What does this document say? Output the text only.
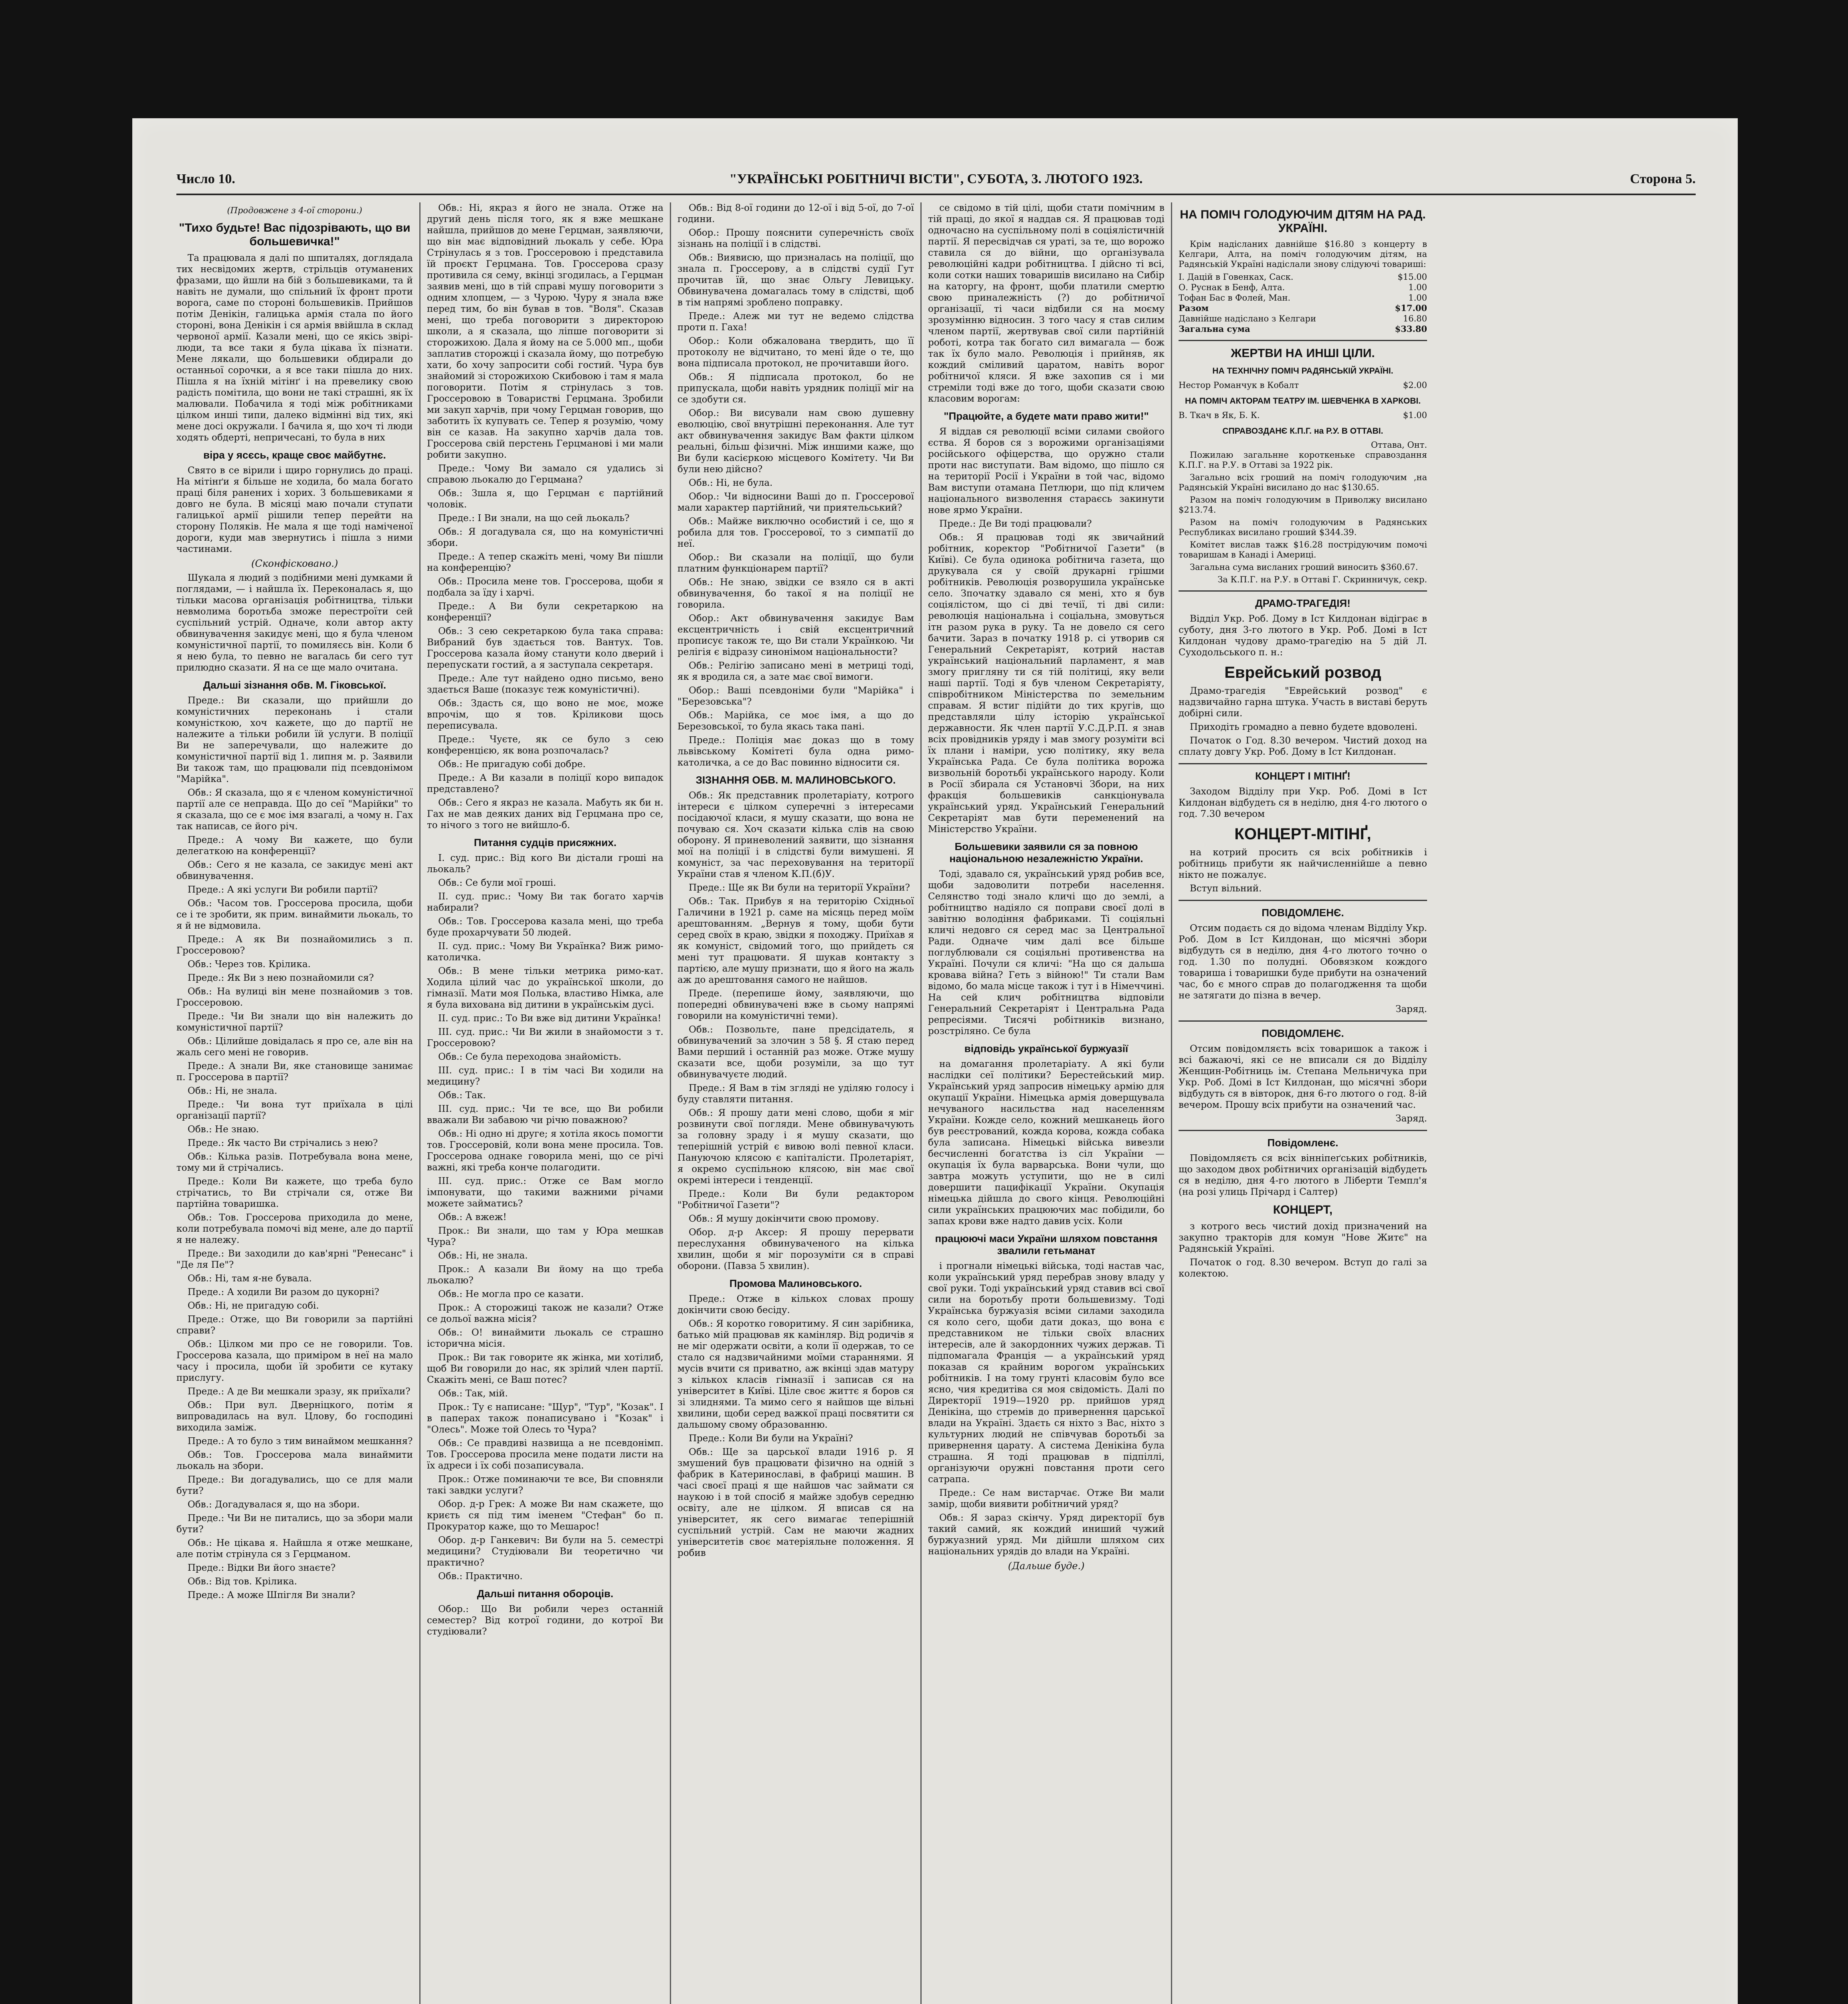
Число 10.	"УКРАЇНСЬКІ РОБІТНИЧІ ВІСТИ", СУБОТА, 3. ЛЮТОГО 1923.	Сторона 5.
(Продовжене з 4-ої сторони.)
"Тихо будьте! Вас підозрівають, що ви большевичка!"

Та працювала я далі по шпиталях, доглядала тих несвідомих жертв, стрільців отуманених фразами, що йшли на бій з большевиками, та й навіть не думали, що спільний їх фронт проти ворога, саме по стороні большевиків. Прийшов потім Денікін, галицька армія стала по його стороні, вона Денікін і ся армія ввійшла в склад червоної армії. Казали мені, що се якісь звірі-люди, та все таки я була цікава їх пізнати. Мене лякали, що большевики обдирали до останньої сорочки, а я все таки пішла до них. Пішла я на їхній мітінґ і на превелику свою радість помітила, що вони не такі страшні, як їх малювали. Побачила я тоді між робітниками цілком инші типи, далеко відмінні від тих, які мене досі окружали. І бачила я, що хоч ті люди ходять обдерті, непричесані, то була в них

віра у ясєсь, краще своє майбутнє.

Свято в се вірили і щиро горнулись до праці. На мітінґи я більше не ходила, бо мала богато праці біля ранених і хорих. З большевиками я довго не була. В місяці маю почали ступати галицької армії рішили тепер перейти на сторону Поляків. Не мала я ще тоді наміченої дороги, куди мав звернутись і пішла з ними частинами.

(Сконфісковано.)

Шукала я людий з подібними мені думками й поглядами, — і найшла їх. Переконалась я, що тільки масова організація робітництва, тільки невмолима боротьба зможе перестроїти сей суспільний устрій. Одначе, коли автор акту обвинувачення закидує мені, що я була членом комуністичної партії, то помиляєсь він. Коли б я нею була, то певно не вагалась би сего тут прилюдно сказати. Я на се ще мало очитана.

Дальші зізнання обв. М. Гіковської.

Преде.: Ви сказали, що прийшли до комуністичних переконань і стали комуністкою, хоч кажете, що до партії не належите а тільки робили їй услуги. В поліції Ви не заперечували, що належите до комуністичної партії від 1. липня м. р. Заявили Ви також там, що працювали під псевдонімом "Марійка".

Обв.: Я сказала, що я є членом комуністичної партії але се неправда. Що до сеї "Марійки" то я сказала, що се є моє імя взагалі, а чому н. Гах так написав, се його річ.

Преде.: А чому Ви кажете, що були делегаткою на конференції?

Обв.: Сего я не казала, се закидує мені акт обвинувачення.

Преде.: А які услуги Ви робили партії?

Обв.: Часом тов. Гроссерова просила, щоби се і те зробити, як прим. винаймити льокаль, то я й не відмовила.

Преде.: А як Ви познайомились з п. Гроссеровою?

Обв.: Через тов. Крілика.

Преде.: Як Ви з нею познайомили ся?

Обв.: На вулиці він мене познайомив з тов. Гроссеровою.

Преде.: Чи Ви знали що він належить до комуністичної партії?

Обв.: Цілийше довідалась я про се, але він на жаль сего мені не говорив.

Преде.: А знали Ви, яке становище занимає п. Гроссерова в партії?

Обв.: Ні, не знала.

Преде.: Чи вона тут приїхала в цілі організації партії?

Обв.: Не знаю.

Преде.: Як часто Ви стрічались з нею?

Обв.: Кілька разів. Потребувала вона мене, тому ми й стрічались.

Преде.: Коли Ви кажете, що треба було стрічатись, то Ви стрічали ся, отже Ви партійна товаришка.

Обв.: Тов. Гроссерова приходила до мене, коли потребувала помочі від мене, але до партії я не належу.

Преде.: Ви заходили до кав'ярні "Ренесанс" і "Де ля Пе"?

Обв.: Ні, там я-не бувала.

Преде.: А ходили Ви разом до цукорні?

Обв.: Ні, не пригадую собі.

Преде.: Отже, що Ви говорили за партійні справи?

Обв.: Цілком ми про се не говорили. Тов. Гроссерова казала, що приміром в неї на мало часу і просила, щоби їй зробити се кутаку прислугу.

Преде.: А де Ви мешкали зразу, як приїхали?

Обв.: При вул. Дверніцкого, потім я випровадилась на вул. Цлову, бо господині виходила заміж.

Преде.: А то було з тим винаймом мешкання?

Обв.: Тов. Гроссерова мала винаймити льокаль на збори.

Преде.: Ви догадувались, що се для мали бути?

Обв.: Догадувалася я, що на збори.

Преде.: Чи Ви не питались, що за збори мали бути?

Обв.: Не цікава я. Найшла я отже мешкане, але потім стрінула ся з Герцманом.

Преде.: Відки Ви його знаєте?

Обв.: Від тов. Крілика.

Преде.: А може Шпігля Ви знали?

Обв.: Ні, якраз я його не знала. Отже на другий день після того, як я вже мешкане найшла, прийшов до мене Герцман, заявляючи, що він має відповідний льокаль у себе. Юра Стрінулась я з тов. Гроссеровою і представила їй проєкт Герцмана. Тов. Гроссерова сразу противила ся сему, вкінці згодилась, а Герцман заявив мені, що в тій справі мушу поговорити з одним хлопцем, — з Чурою. Чуру я знала вже перед тим, бо він бував в тов. "Воля". Сказав мені, що треба поговорити з директорою школи, а я сказала, що ліпше поговорити зі сторожихою. Дала я йому на се 5.000 мп., щоби заплатив сторожці і сказала йому, що потребую хати, бо хочу запросити собі гостий. Чура був знайомий зі сторожихою Скибовою і там я мала поговорити. Потім я стрінулась з тов. Гроссеровою в Товаристві Герцмана. Зробили ми закуп харчів, при чому Герцман говорив, що заботить їх купувать се. Тепер я розумію, чому він се казав. На закупно харчів дала тов. Гроссерова свій перстень Герцманові і ми мали робити закупно.

Преде.: Чому Ви замало ся удались зі справою льокалю до Герцмана?

Обв.: Зшла я, що Герцман є партійний чоловік.

Преде.: І Ви знали, на що сей льокаль?

Обв.: Я догадувала ся, що на комуністичні збори.

Преде.: А тепер скажіть мені, чому Ви пішли на конференцію?

Обв.: Просила мене тов. Гроссерова, щоби я подбала за їду і харчі.

Преде.: А Ви були секретаркою на конференції?

Обв.: З сею секретаркою була така справа: Вибраний був здається тов. Вантух. Тов. Гроссерова казала йому станути коло дверий і перепускати гостий, а я заступала секретаря.

Преде.: Але тут найдено одно письмо, вено здається Ваше (показує теж комуністичні).

Обв.: Здасть ся, що воно не моє, може впрочім, що я тов. Кріликови щось переписувала.

Преде.: Чуєте, як се було з сею конференцією, як вона розпочалась?

Обв.: Не пригадую собі добре.

Преде.: А Ви казали в поліції коро випадок представлено?

Обв.: Сего я якраз не казала. Мабуть як би н. Гах не мав деяких даних від Герцмана про се, то нічого з того не вийшло-б.

Питання судців присяжних.

І. суд. прис.: Від кого Ви дістали гроші на льокаль?

Обв.: Се були мої гроші.

ІІ. суд. прис.: Чому Ви так богато харчів набирали?

Обв.: Тов. Гроссерова казала мені, що треба буде прохарчувати 50 людей.

ІІ. суд. прис.: Чому Ви Українка? Виж римо-католичка.

Обв.: В мене тільки метрика римо-кат. Ходила цілий час до української школи, до гімназії. Мати моя Полька, властиво Німка, але я була вихована від дитини в українськім дусі.

ІІ. суд. прис.: То Ви вже від дитини Українка!

ІІІ. суд. прис.: Чи Ви жили в знайомости з т. Гроссеровою?

Обв.: Се була переходова знайомість.

ІІІ. суд. прис.: І в тім часі Ви ходили на медицину?

Обв.: Так.

ІІІ. суд. прис.: Чи те все, що Ви робили вважали Ви забавою чи річю поважною?

Обв.: Ні одно ні друге; я хотіла якось помогти тов. Гроссеровій, коли вона мене просила. Тов. Гроссерова однаке говорила мені, що се річі важні, які треба конче полагодити.

ІІІ. суд. прис.: Отже се Вам могло імпонувати, що такими важними річами можете займатись?

Обв.: А вжеж!

Прок.: Ви знали, що там у Юра мешкав Чура?

Обв.: Ні, не знала.

Прок.: А казали Ви йому на що треба льокалю?

Обв.: Не могла про се казати.

Прок.: А сторожиці також не казали? Отже се дольої важна місія?

Обв.: О! винаймити льокаль се страшно історична місія.

Прок.: Ви так говорите як жінка, ми хотілиб, щоб Ви говорили до нас, як зрілий член партії. Скажіть мені, се Ваш потес?

Обв.: Так, мій.

Прок.: Ту є написане: "Щур", "Тур", "Козак". І в паперах також понаписувано і "Козак" і "Олесь". Може той Олесь то Чура?

Обв.: Се правдиві назвища а не псевдонімп. Тов. Гроссерова просила мене подати листи на їх адреси і їх собі позаписувала.

Прок.: Отже поминаючи те все, Ви сповняли такі завдки услуги?

Обор. д-р Грек: А може Ви нам скажете, що криєть ся під тим іменем "Стефан" бо п. Прокуратор каже, що то Мешарос!

Обор. д-р Ганкевич: Ви були на 5. семестрі медицини? Студіювали Ви теоретично чи практично?

Обв.: Практично.

Дальші питання обороців.

Обор.: Що Ви робили через останній семестер? Від котрої години, до котрої Ви студіювали?

Обв.: Від 8-ої години до 12-ої і від 5-ої, до 7-ої години.

Обор.: Прошу пояснити суперечність своїх зізнань на поліції і в слідстві.

Обв.: Виявисю, що призналась на поліції, що знала п. Гроссерову, а в слідстві судії Гут прочитав їй, що знає Ольгу Левицьку. Обвинувачена домагалась тому в слідстві, щоб в тім напрямі зроблено поправку.

Преде.: Алеж ми тут не ведемо слідства проти п. Гаха!

Обор.: Коли обжалована твердить, що її протоколу не відчитано, то мені йде о те, що вона підписала протокол, не прочитавши його.

Обв.: Я підписала протокол, бо не припускала, щоби навіть урядник поліції міг на се здобути ся.

Обор.: Ви висували нам свою душевну еволюцію, свої внутрішні переконання. Але тут акт обвинувачення закидує Вам факти цілком реальні, більш фізичні. Між иншими каже, що Ви були касієркою місцевого Комітету. Чи Ви були нею дійсно?

Обв.: Ні, не була.

Обор.: Чи відносини Ваші до п. Гроссерової мали характер партійний, чи приятельський?

Обв.: Майже виключно особистий і се, що я робила для тов. Гроссерової, то з симпатії до неї.

Обор.: Ви сказали на поліції, що були платним функціонарем партії?

Обв.: Не знаю, звідки се взяло ся в акті обвинувачення, бо такої я на поліції не говорила.

Обор.: Акт обвинувачення закидує Вам ексцентричність і свій ексцентричний прописує також те, що Ви стали Українкою. Чи релігія є відразу синонімом національности?

Обв.: Релігію записано мені в метриці тоді, як я вродила ся, а зате має свої вимоги.

Обор.: Ваші псевдоніми були "Марійка" і "Березовська"?

Обв.: Марійка, се моє імя, а що до Березовської, то була якась така пані.

Преде.: Поліція має доказ що в тому львівському Комітеті була одна римо-католичка, а се до Вас повинно відносити ся.

ЗІЗНАННЯ ОБВ. М. МАЛИНОВСЬКОГО.

Обв.: Як представник пролетаріату, котрого інтереси є цілком суперечні з інтересами посідаючої класи, я мушу сказати, що вона не почуваю ся. Хоч сказати кілька слів на свою оборону. Я приневолений заявити, що зізнання мої на поліції і в слідстві були вимушені. Я комуніст, за час переховування на території України став я членом К.П.(б)У.

Преде.: Ще як Ви були на території України?

Обв.: Так. Прибув я на територію Східньої Галичини в 1921 р. саме на місяць перед моїм арештованням. „Вернув я тому, щоби бути серед своїх в краю, звідки я походжу. Приїхав я як комуніст, свідомий того, що прийдеть ся мені тут працювати. Я шукав контакту з партією, але мушу признати, що я його на жаль аж до арештовання самого не найшов.

Преде. (перепише йому, заявляючи, що попередні обвинувачені вже в сьому напрямі говорили на комуністичні теми).

Обв.: Позвольте, пане предсідатель, я обвинувачений за злочин з 58 §. Я стаю перед Вами перший і останній раз може. Отже мушу сказати все, щоби розуміли, за що тут обвинувачуєте людий.

Преде.: Я Вам в тім згляді не уділяю голосу і буду ставляти питання.

Обв.: Я прошу дати мені слово, щоби я міг розвинути свої погляди. Мене обвинувачують за головну зраду і я мушу сказати, що теперішній устрій є вивою волі певної класи. Пануючою клясою є капіталісти. Пролетаріят, я окремо суспільною клясою, він має свої окремі інтереси і тенденції.

Преде.: Коли Ви були редактором "Робітничої Газети"?

Обв.: Я мушу докінчити свою промову.

Обор. д-р Аксер: Я прошу перервати переслухання обвинуваченого на кілька хвилин, щоби я міг порозуміти ся в справі оборони. (Павза 5 хвилин).

Промова Малиновського.

Преде.: Отже в кількох словах прошу докінчити свою бесіду.

Обв.: Я коротко говоритиму. Я син зарібника, батько мій працював як камінляр. Від родичів я не міг одержати освіти, а коли її одержав, то се стало ся надзвичайними моїми стараннями. Я мусів вчити ся приватно, аж вкінці здав матуру з кількох класів гімназії і записав ся на університет в Київі. Ціле своє життє я боров ся зі злиднями. Та мимо сего я найшов ще вільні хвилини, щоби серед важкої праці посвятити ся дальшому свому образованню.

Преде.: Коли Ви були на Україні?

Обв.: Ще за царської влади 1916 р. Я змушений був працювати фізично на одній з фабрик в Катеринославі, в фабриці машин. В часі своєї праці я ще найшов час займати ся наукою і в той спосіб я майже здобув середню освіту, але не цілком. Я вписав ся на університет, як сего вимагає теперішній суспільний устрій. Сам не маючи жадних університетів своє матеріяльне положення. Я робив

се свідомо в тій цілі, щоби стати помічним в тій праці, до якої я наддав ся. Я працював тоді одночасно на суспільному полі в соціялістичній партії. Я пересвідчав ся ураті, за те, що ворожо ставила ся до війни, що організувала революційні кадри робітництва. І дійсно ті всі, коли сотки наших товаришів висилано на Сибір на каторгу, на фронт, щоби платили смертю свою приналежність (?) до робітничої організації, ті часи відбили ся на моєму зрозумінню відносин. З того часу я став силим членом партії, жертвував свої сили партійній роботі, котра так богато сил вимагала — бож так їх було мало. Революція і прийняв, як кождий сміливий царатом, навіть ворог робітничої кляси. Я вже захопив ся і ми стреміли тоді вже до того, щоби сказати свою класовим ворогам:

"Працюйте, а будете мати право жити!"

Я віддав ся революції всіми силами свойого єства. Я боров ся з ворожими організаціями російського офіцерства, що оружно стали проти нас виступати. Вам відомо, що пішло ся на території Росії і України в той час, відомо Вам виступи отамана Петлюри, що під кличем національного визволення стараєсь закинути нове ярмо України.

Преде.: Де Ви тоді працювали?

Обв.: Я працював тоді як звичайний робітник, коректор "Робітничої Газети" (в Київі). Се була одинока робітнича газета, що друкувала ся у своїй друкарні грішми робітників. Революція розворушила українське село. Зпочатку здавало ся мені, хто я був соціялістом, що сі дві течії, ті дві сили: революція національна і соціальна, змовуться ітн разом рука в руку. Та не довело ся сего бачити. Зараз в початку 1918 р. сі утворив ся Генеральний Секретаріят, котрий настав український національний парламент, я мав змогу пригляну ти ся тій політиці, яку вели наші партії. Тоді я був членом Секретаріяту, співробітником Міністерства по земельним справам. Я встиг підійти до тих кругів, що представляли цілу історію української державности. Як член партії У.С.Д.Р.П. я знав всіх провідників уряду і мав змогу розуміти всі їх плани і наміри, усю політику, яку вела Українська Рада. Се була політика ворожа визвольній боротьбі українського народу. Коли в Росії збирала ся Установчі Збори, на них фракція большевиків санкціонувала український уряд. Український Генеральний Секретаріят мав бути переменений на Міністерство України.

Большевики заявили ся за повною національною незалежністю України.

Тоді, здавало ся, український уряд робив все, щоби задоволити потреби населення. Селянство тоді знало кличі що до землі, а робітництво надіяло ся поправи своєї долі в завітню володіння фабриками. Ті соціяльні кличі недовго ся серед мас за Центральної Ради. Одначе чим далі все більше поглублювали ся соціяльні противенства на Україні. Почули ся кличі: "На що ся дальша кровава війна? Геть з війною!" Ти стали Вам відомо, бо мала місце також і тут і в Німеччині. На сей клич робітництва відповіли Генеральний Секретаріят і Центральна Рада репресіями. Тисячі робітників визнано, розстріляно. Се була

відповідь української буржуазії

на домагання пролетаріату. А які були наслідки сеї політики? Берестейський мир. Український уряд запросив німецьку армію для окупації України. Німецька армія доверщувала нечуваного насильства над населенням України. Кожде село, кожний мешканець його був реєстрований, кожда корова, кожда собака була записана. Німецькі війська вивезли бесчисленні богатства із сіл України — окупація їх була варварська. Вони чули, що завтра можуть уступити, що не в силі довершити пацифікації України. Окупація німецька дійшла до свого кінця. Революційні сили українських працюючих мас побідили, бо запах крови вже надто давив усіх. Коли

працюючі маси України шляхом повстання звалили гетьманат

і прогнали німецькі війська, тоді настав час, коли український уряд перебрав знову владу у свої руки. Тоді український уряд ставив всі свої сили на боротьбу проти большевизму. Тоді Українська буржуазія всіми силами заходила ся коло сего, щоби дати доказ, що вона є представником не тільки своїх власних інтересів, але й закордонних чужих держав. Ті підпомагала Франція — а український уряд показав ся крайним ворогом українських робітників. І на тому грунті класовім було все ясно, чия кредитіва ся моя свідомість. Далі по Директорії 1919—1920 рр. прийшов уряд Денікіна, що стремів до привернення царської влади на Україні. Здаєть ся ніхто з Вас, ніхто з культурних людий не співчував боротьбі за привернення царату. А система Денікіна була страшна. Я тоді працював в підпіллі, організуючи оружні повстання проти сего сатрапа.

Преде.: Се нам вистарчає. Отже Ви мали замір, щоби виявити робітничий уряд?

Обв.: Я зараз скінчу. Уряд директорії був такий самий, як кождий иниший чужий буржуазний уряд. Ми дійшли шляхом сих національних урядів до влади на Україні.

(Дальше буде.)
НА ПОМІЧ ГОЛОДУЮЧИМ ДІТЯМ НА РАД. УКРАЇНІ.

Крім надісланих давнійше $16.80 з концерту в Келгари, Алта, на поміч голодуючим дітям, на Радянській Україні надіслали знову слідуючі товариші:

І. Дацій в Говенках, Саск.	$15.00
О. Руснак в Бенф, Алта.	1.00
Тофан Бас в Фолей, Ман.	1.00
Разом	$17.00
Давнійше надіслано з Келгари	16.80
Загальна сума	$33.80
ЖЕРТВИ НА ИНШІ ЦІЛИ.
НА ТЕХНІЧНУ ПОМІЧ РАДЯНСЬКІЙ УКРАЇНІ.
Нестор Романчук в Кобалт	$2.00
НА ПОМІЧ АКТОРАМ ТЕАТРУ ІМ. ШЕВЧЕНКА В ХАРКОВІ.
В. Ткач в Як, Б. К.	$1.00
СПРАВОЗДАНЄ К.П.Г. на Р.У. В ОТТАВІ.
Оттава, Онт.

Пожилаю загальнне короткеньке справоздання К.П.Г. на Р.У. в Оттаві за 1922 рік.

Загально всіх гроший на поміч голодуючим ,на Радянській Україні висилано до нас $130.65.

Разом на поміч голодуючим в Приволжу висилано $213.74.

Разом на поміч голодуючим в Радянських Республиках висилано гроший $344.39.

Комітет вислав тажк $16.28 пострідуючим помочі товаришам в Канаді і Америці.

Загальна сума висланих гроший виносить $360.67.

За К.П.Г. на Р.У. в Оттаві Г. Скринничук, секр.
ДРАМО-ТРАГЕДІЯ!

Відділ Укр. Роб. Дому в Іст Килдонан відіграє в суботу, дня 3-го лютого в Укр. Роб. Домі в Іст Килдонан чудову драмо-трагедію на 5 дій Л. Суходольського п. н.:

Еврейський розвод

Драмо-трагедія "Еврейський розвод" є надзвичайно гарна штука. Участь в виставі беруть добірні сили.

Приходіть громадно а певно будете вдоволені.

Початок о Год. 8.30 вечером. Чистий доход на сплату довгу Укр. Роб. Дому в Іст Килдонан.

КОНЦЕРТ І МІТІНҐ!

Заходом Відділу при Укр. Роб. Домі в Іст Килдонан відбудеть ся в неділю, дня 4-го лютого о год. 7.30 вечером

КОНЦЕРТ-МІТІНҐ,

на котрий просить ся всіх робітників і робітниць прибути як найчисленнійше а певно нікто не пожалує.

Вступ вільний.

ПОВІДОМЛЕНЄ.

Отсим подаєть ся до відома членам Відділу Укр. Роб. Дом в Іст Килдонан, що місячні збори відбудуть ся в неділю, дня 4-го лютого точно о год. 1.30 по полудні. Обовязком кождого товариша і товаришки буде прибути на означений час, бо є много справ до полагодження та щоби не затягати до пізна в вечер.

Заряд.
ПОВІДОМЛЕНЄ.

Отсим повідомляєть всіх товаришок а також і всі бажаючі, які се не вписали ся до Відділу Женщин-Робітниць ім. Степана Мельничука при Укр. Роб. Домі в Іст Килдонан, що місячні збори відбудуть ся в вівторок, дня 6-го лютого о год. 8-ій вечером. Прошу всіх прибути на означений час.

Заряд.
Повідомленє.

Повідомляєть ся всіх вінніпеґських робітників, що заходом двох робітничих організацій відбудеть ся в неділю, дня 4-го лютого в Ліберти Темпл'я (на розі улиць Прічард і Салтер)

КОНЦЕРТ,

з котрого весь чистий дохід призначений на закупно тракторів для комун "Нове Житє" на Радянській Україні.

Початок о год. 8.30 вечером. Вступ до галі за колектою.
